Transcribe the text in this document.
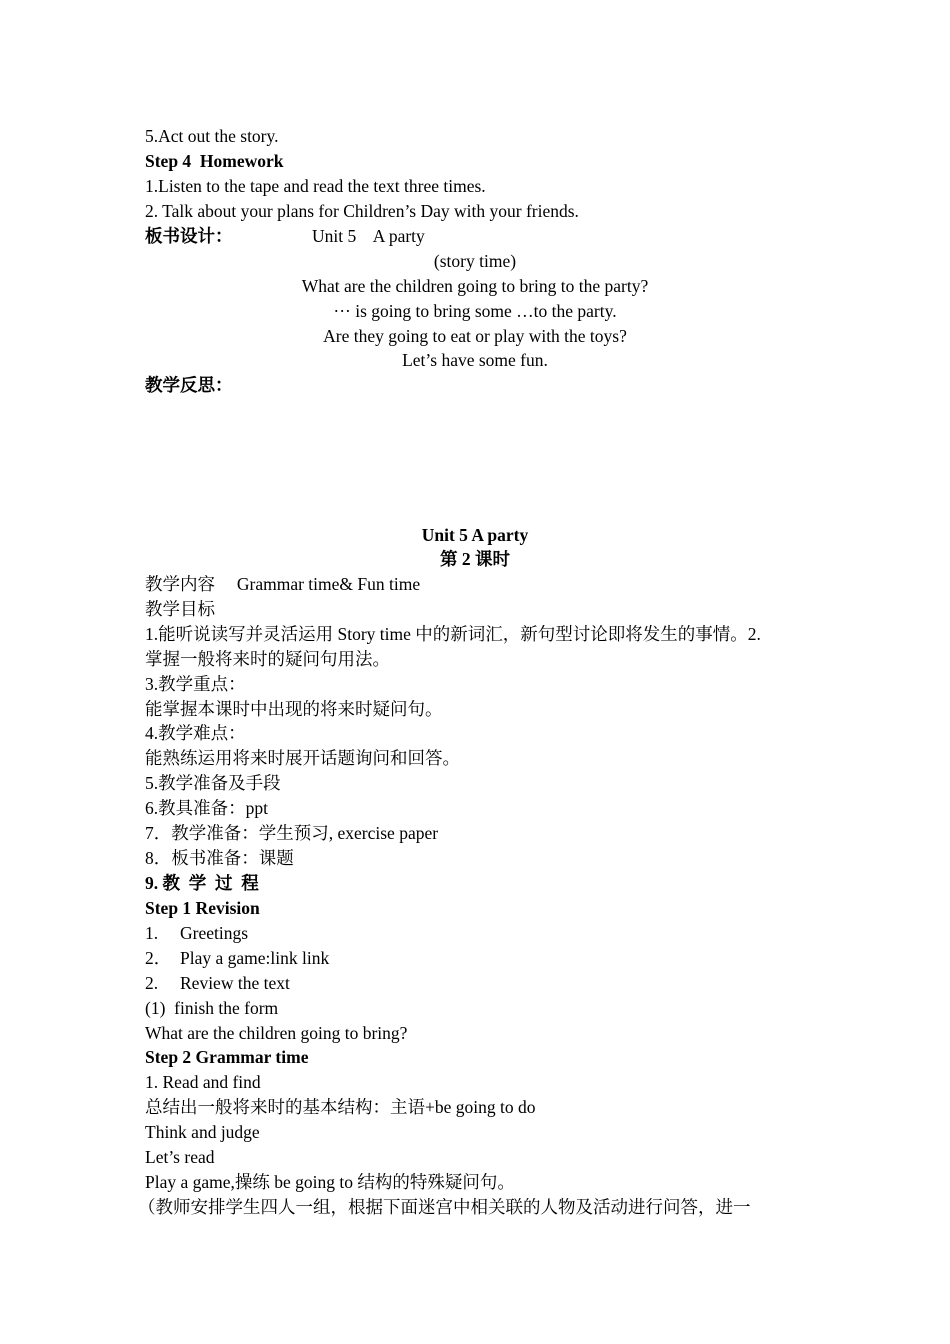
5.Act out the story.
Step 4  Homework
1.Listen to the tape and read the text three times.
2. Talk about your plans for Children’s Day with your friends.
板书设计：	Unit 5    A party
(story time)
What are the children going to bring to the party?
··· is going to bring some …to the party.
Are they going to eat or play with the toys?
Let’s have some fun.
教学反思：
Unit 5 A party
第 2 课时
教学内容     Grammar time& Fun time
教学目标
1.能听说读写并灵活运用 Story time 中的新词汇，新句型讨论即将发生的事情。2.
掌握一般将来时的疑问句用法。
3.教学重点：
能掌握本课时中出现的将来时疑问句。
4.教学难点：
能熟练运用将来时展开话题询问和回答。
5.教学准备及手段
6.教具准备：ppt
7．教学准备：学生预习, exercise paper
8．板书准备：课题
9. 教  学  过  程
Step 1 Revision
1.     Greetings
2．  Play a game:link link
2.     Review the text
(1)  finish the form
What are the children going to bring?
Step 2 Grammar time
1. Read and find
总结出一般将来时的基本结构：主语+be going to do
Think and judge
Let’s read
Play a game,操练 be going to 结构的特殊疑问句。
（教师安排学生四人一组，根据下面迷宫中相关联的人物及活动进行问答，进一
